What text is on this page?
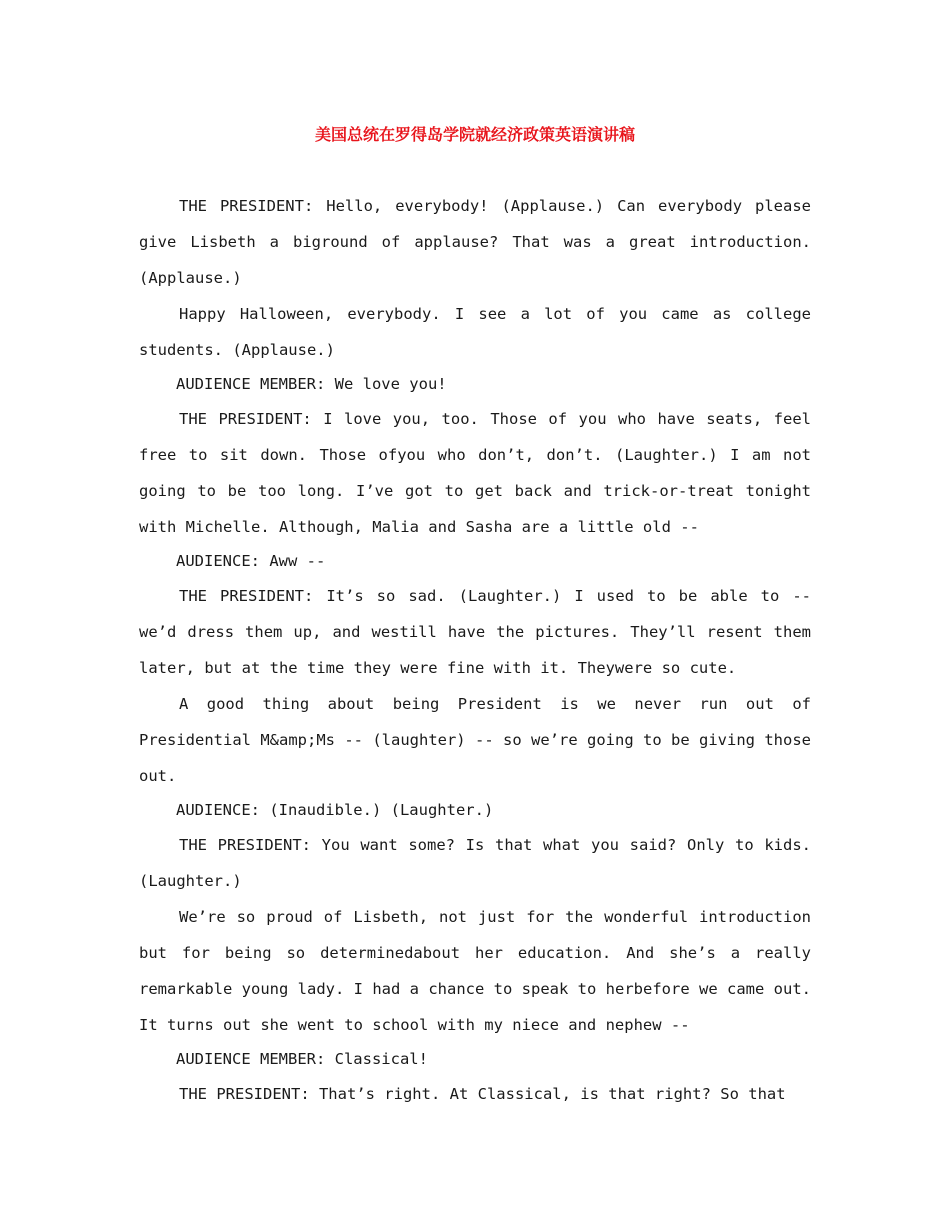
美国总统在罗得岛学院就经济政策英语演讲稿

THE PRESIDENT: Hello, everybody! (Applause.) Can everybody please give Lisbeth a biground of applause? That was a great introduction. (Applause.)

Happy Halloween, everybody. I see a lot of you came as college students. (Applause.)

AUDIENCE MEMBER: We love you!

THE PRESIDENT: I love you, too. Those of you who have seats, feel free to sit down. Those ofyou who don’t, don’t. (Laughter.) I am not going to be too long. I’ve got to get back and trick-or-treat tonight with Michelle. Although, Malia and Sasha are a little old --

AUDIENCE: Aww --

THE PRESIDENT: It’s so sad. (Laughter.) I used to be able to -- we’d dress them up, and westill have the pictures. They’ll resent them later, but at the time they were fine with it. Theywere so cute.

A good thing about being President is we never run out of Presidential M&amp;Ms -- (laughter) -- so we’re going to be giving those out.

AUDIENCE: (Inaudible.) (Laughter.)

THE PRESIDENT: You want some? Is that what you said? Only to kids. (Laughter.)

We’re so proud of Lisbeth, not just for the wonderful introduction but for being so determinedabout her education. And she’s a really remarkable young lady. I had a chance to speak to herbefore we came out. It turns out she went to school with my niece and nephew --

AUDIENCE MEMBER: Classical!

THE PRESIDENT: That’s right. At Classical, is that right? So that
